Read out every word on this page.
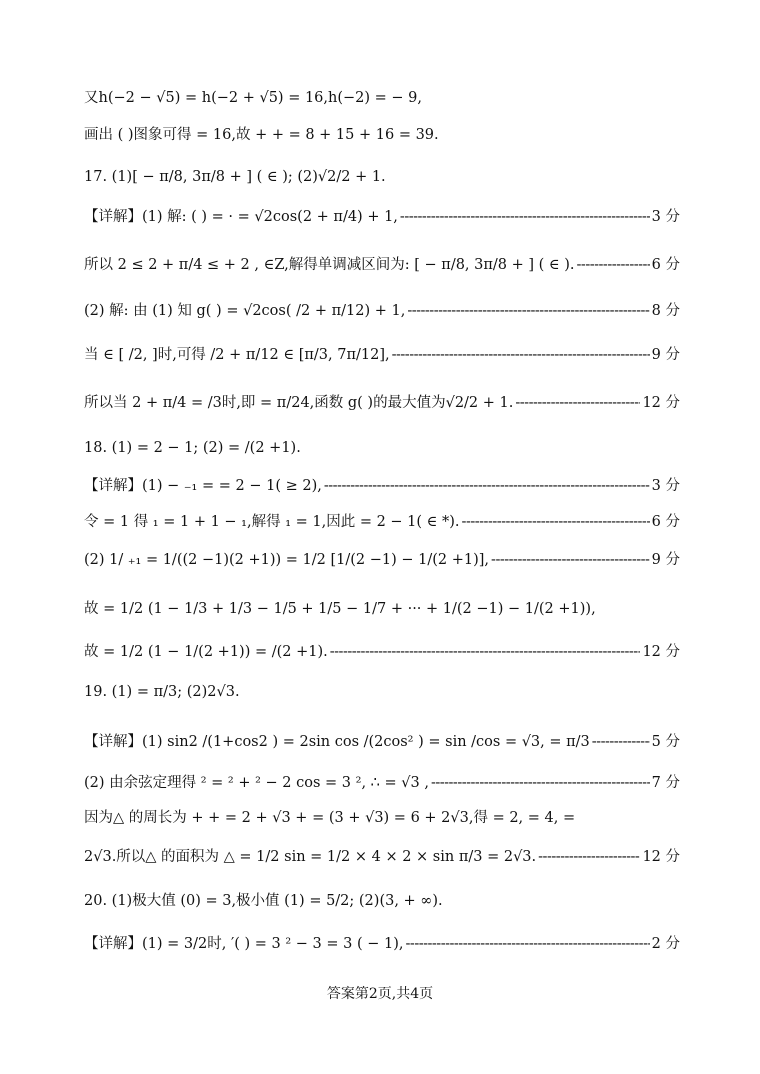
又h(−2 − √5) = h(−2 + √5) = 16,h(−2) = − 9,
画出 ( )图象可得 = 16,故 + + = 8 + 15 + 16 = 39.
17. (1)[ − π/8, 3π/8 + ] ( ∈ ); (2)√2/2 + 1.
【详解】(1) 解: ( ) = · = √2cos(2 + π/4) + 1, -----	3 分
所以 2 ≤ 2 + π/4 ≤ + 2 , ∈Z,解得单调减区间为: [ − π/8, 3π/8 + ] ( ∈ ). -----	6 分
(2) 解: 由 (1) 知 g( ) = √2cos( /2 + π/12) + 1, -----	8 分
当 ∈ [ /2, ]时,可得 /2 + π/12 ∈ [π/3, 7π/12], -----	9 分
所以当 2 + π/4 = /3时,即 = π/24,函数 g( )的最大值为√2/2 + 1. -----	12 分
18. (1) = 2 − 1; (2) = /(2 +1).
【详解】(1) − ₋₁ = = 2 − 1( ≥ 2), -----	3 分
令 = 1 得 ₁ = 1 + 1 − ₁,解得 ₁ = 1,因此 = 2 − 1( ∈ *). -----	6 分
(2) 1/ ₊₁ = 1/((2 −1)(2 +1)) = 1/2 [1/(2 −1) − 1/(2 +1)], -----	9 分
故 = 1/2 (1 − 1/3 + 1/3 − 1/5 + 1/5 − 1/7 + ··· + 1/(2 −1) − 1/(2 +1)),
故 = 1/2 (1 − 1/(2 +1)) = /(2 +1). -----	12 分
19. (1) = π/3; (2)2√3.
【详解】(1) sin2 /(1+cos2 ) = 2sin cos /(2cos² ) = sin /cos = √3, = π/3 -----	5 分
(2) 由余弦定理得 ² = ² + ² − 2 cos = 3 ², ∴ = √3 , -----	7 分
因为△ 的周长为 + + = 2 + √3 + = (3 + √3) = 6 + 2√3,得 = 2, = 4, =
2√3.所以△ 的面积为 △ = 1/2 sin = 1/2 × 4 × 2 × sin π/3 = 2√3. -----	12 分
20. (1)极大值 (0) = 3,极小值 (1) = 5/2; (2)(3, + ∞).
【详解】(1) = 3/2时, ′( ) = 3 ² − 3 = 3 ( − 1), -----	2 分
答案第2页,共4页
